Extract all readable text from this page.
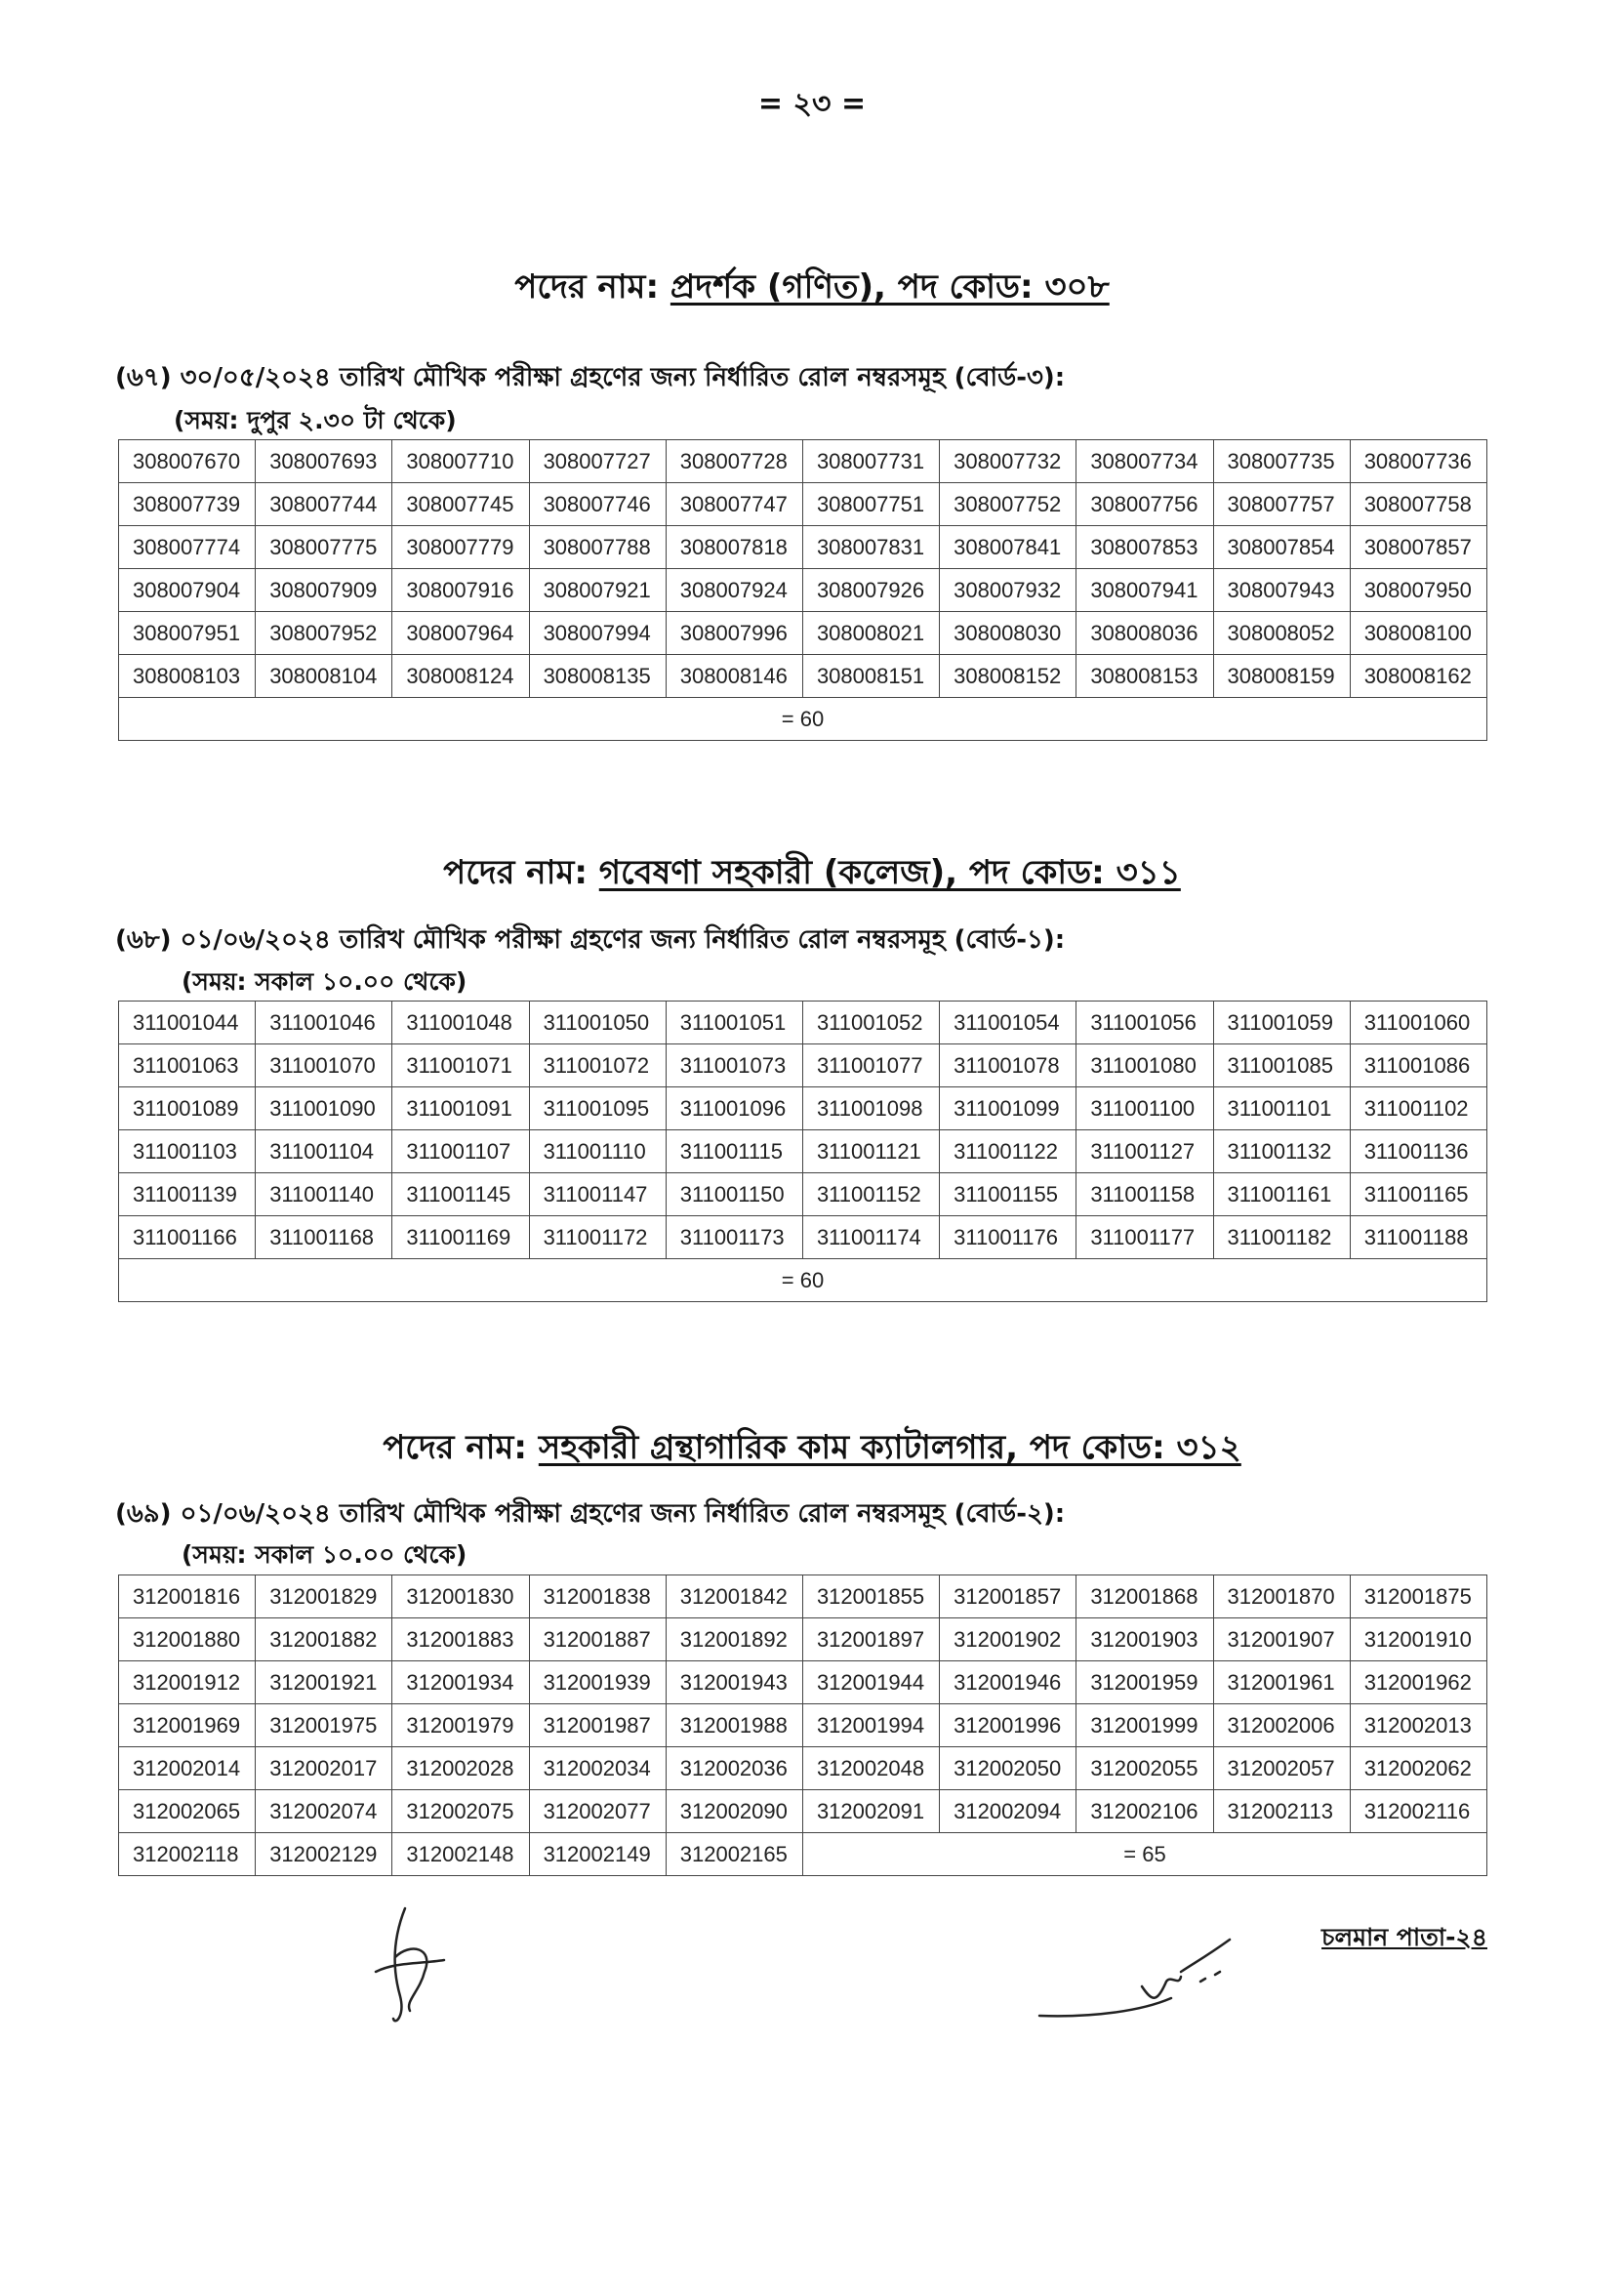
= ২৩ =
পদের নাম: প্রদর্শক (গণিত), পদ কোড: ৩০৮
(৬৭) ৩০/০৫/২০২৪ তারিখ মৌখিক পরীক্ষা গ্রহণের জন্য নির্ধারিত রোল নম্বরসমূহ (বোর্ড-৩):
(সময়: দুপুর ২.৩০ টা থেকে)
308007670	308007693	308007710	308007727	308007728	308007731	308007732	308007734	308007735	308007736
308007739	308007744	308007745	308007746	308007747	308007751	308007752	308007756	308007757	308007758
308007774	308007775	308007779	308007788	308007818	308007831	308007841	308007853	308007854	308007857
308007904	308007909	308007916	308007921	308007924	308007926	308007932	308007941	308007943	308007950
308007951	308007952	308007964	308007994	308007996	308008021	308008030	308008036	308008052	308008100
308008103	308008104	308008124	308008135	308008146	308008151	308008152	308008153	308008159	308008162
= 60									
পদের নাম: গবেষণা সহকারী (কলেজ), পদ কোড: ৩১১
(৬৮) ০১/০৬/২০২৪ তারিখ মৌখিক পরীক্ষা গ্রহণের জন্য নির্ধারিত রোল নম্বরসমূহ (বোর্ড-১):
(সময়: সকাল ১০.০০ থেকে)
311001044	311001046	311001048	311001050	311001051	311001052	311001054	311001056	311001059	311001060
311001063	311001070	311001071	311001072	311001073	311001077	311001078	311001080	311001085	311001086
311001089	311001090	311001091	311001095	311001096	311001098	311001099	311001100	311001101	311001102
311001103	311001104	311001107	311001110	311001115	311001121	311001122	311001127	311001132	311001136
311001139	311001140	311001145	311001147	311001150	311001152	311001155	311001158	311001161	311001165
311001166	311001168	311001169	311001172	311001173	311001174	311001176	311001177	311001182	311001188
= 60									
পদের নাম: সহকারী গ্রন্থাগারিক কাম ক্যাটালগার, পদ কোড: ৩১২
(৬৯) ০১/০৬/২০২৪ তারিখ মৌখিক পরীক্ষা গ্রহণের জন্য নির্ধারিত রোল নম্বরসমূহ (বোর্ড-২):
(সময়: সকাল ১০.০০ থেকে)
312001816	312001829	312001830	312001838	312001842	312001855	312001857	312001868	312001870	312001875
312001880	312001882	312001883	312001887	312001892	312001897	312001902	312001903	312001907	312001910
312001912	312001921	312001934	312001939	312001943	312001944	312001946	312001959	312001961	312001962
312001969	312001975	312001979	312001987	312001988	312001994	312001996	312001999	312002006	312002013
312002014	312002017	312002028	312002034	312002036	312002048	312002050	312002055	312002057	312002062
312002065	312002074	312002075	312002077	312002090	312002091	312002094	312002106	312002113	312002116
312002118	312002129	312002148	312002149	312002165	= 65				
চলমান পাতা-২৪
